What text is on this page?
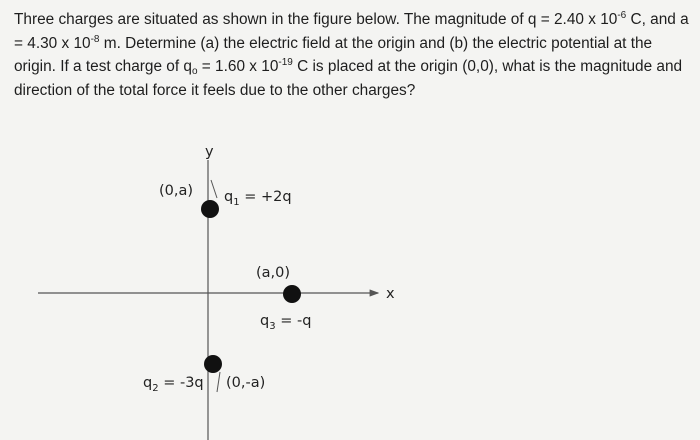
Three charges are situated as shown in the figure below. The magnitude of q = 2.40 x $10^{-6}$ C, and a

= 4.30 x $10^{-8}$ m. Determine (a) the electric field at the origin and (b) the electric potential at the

origin. If a test charge of $q_o = 1.60$ x $10^{-19}$ C is placed at the origin (0,0), what is the magnitude and

direction of the total force it feels due to the other charges?

y
x
(0,a) $q_1 = +2q$
(a,0)
$q_3 = -q$
$q_2 = -3q$ (0,-a)
